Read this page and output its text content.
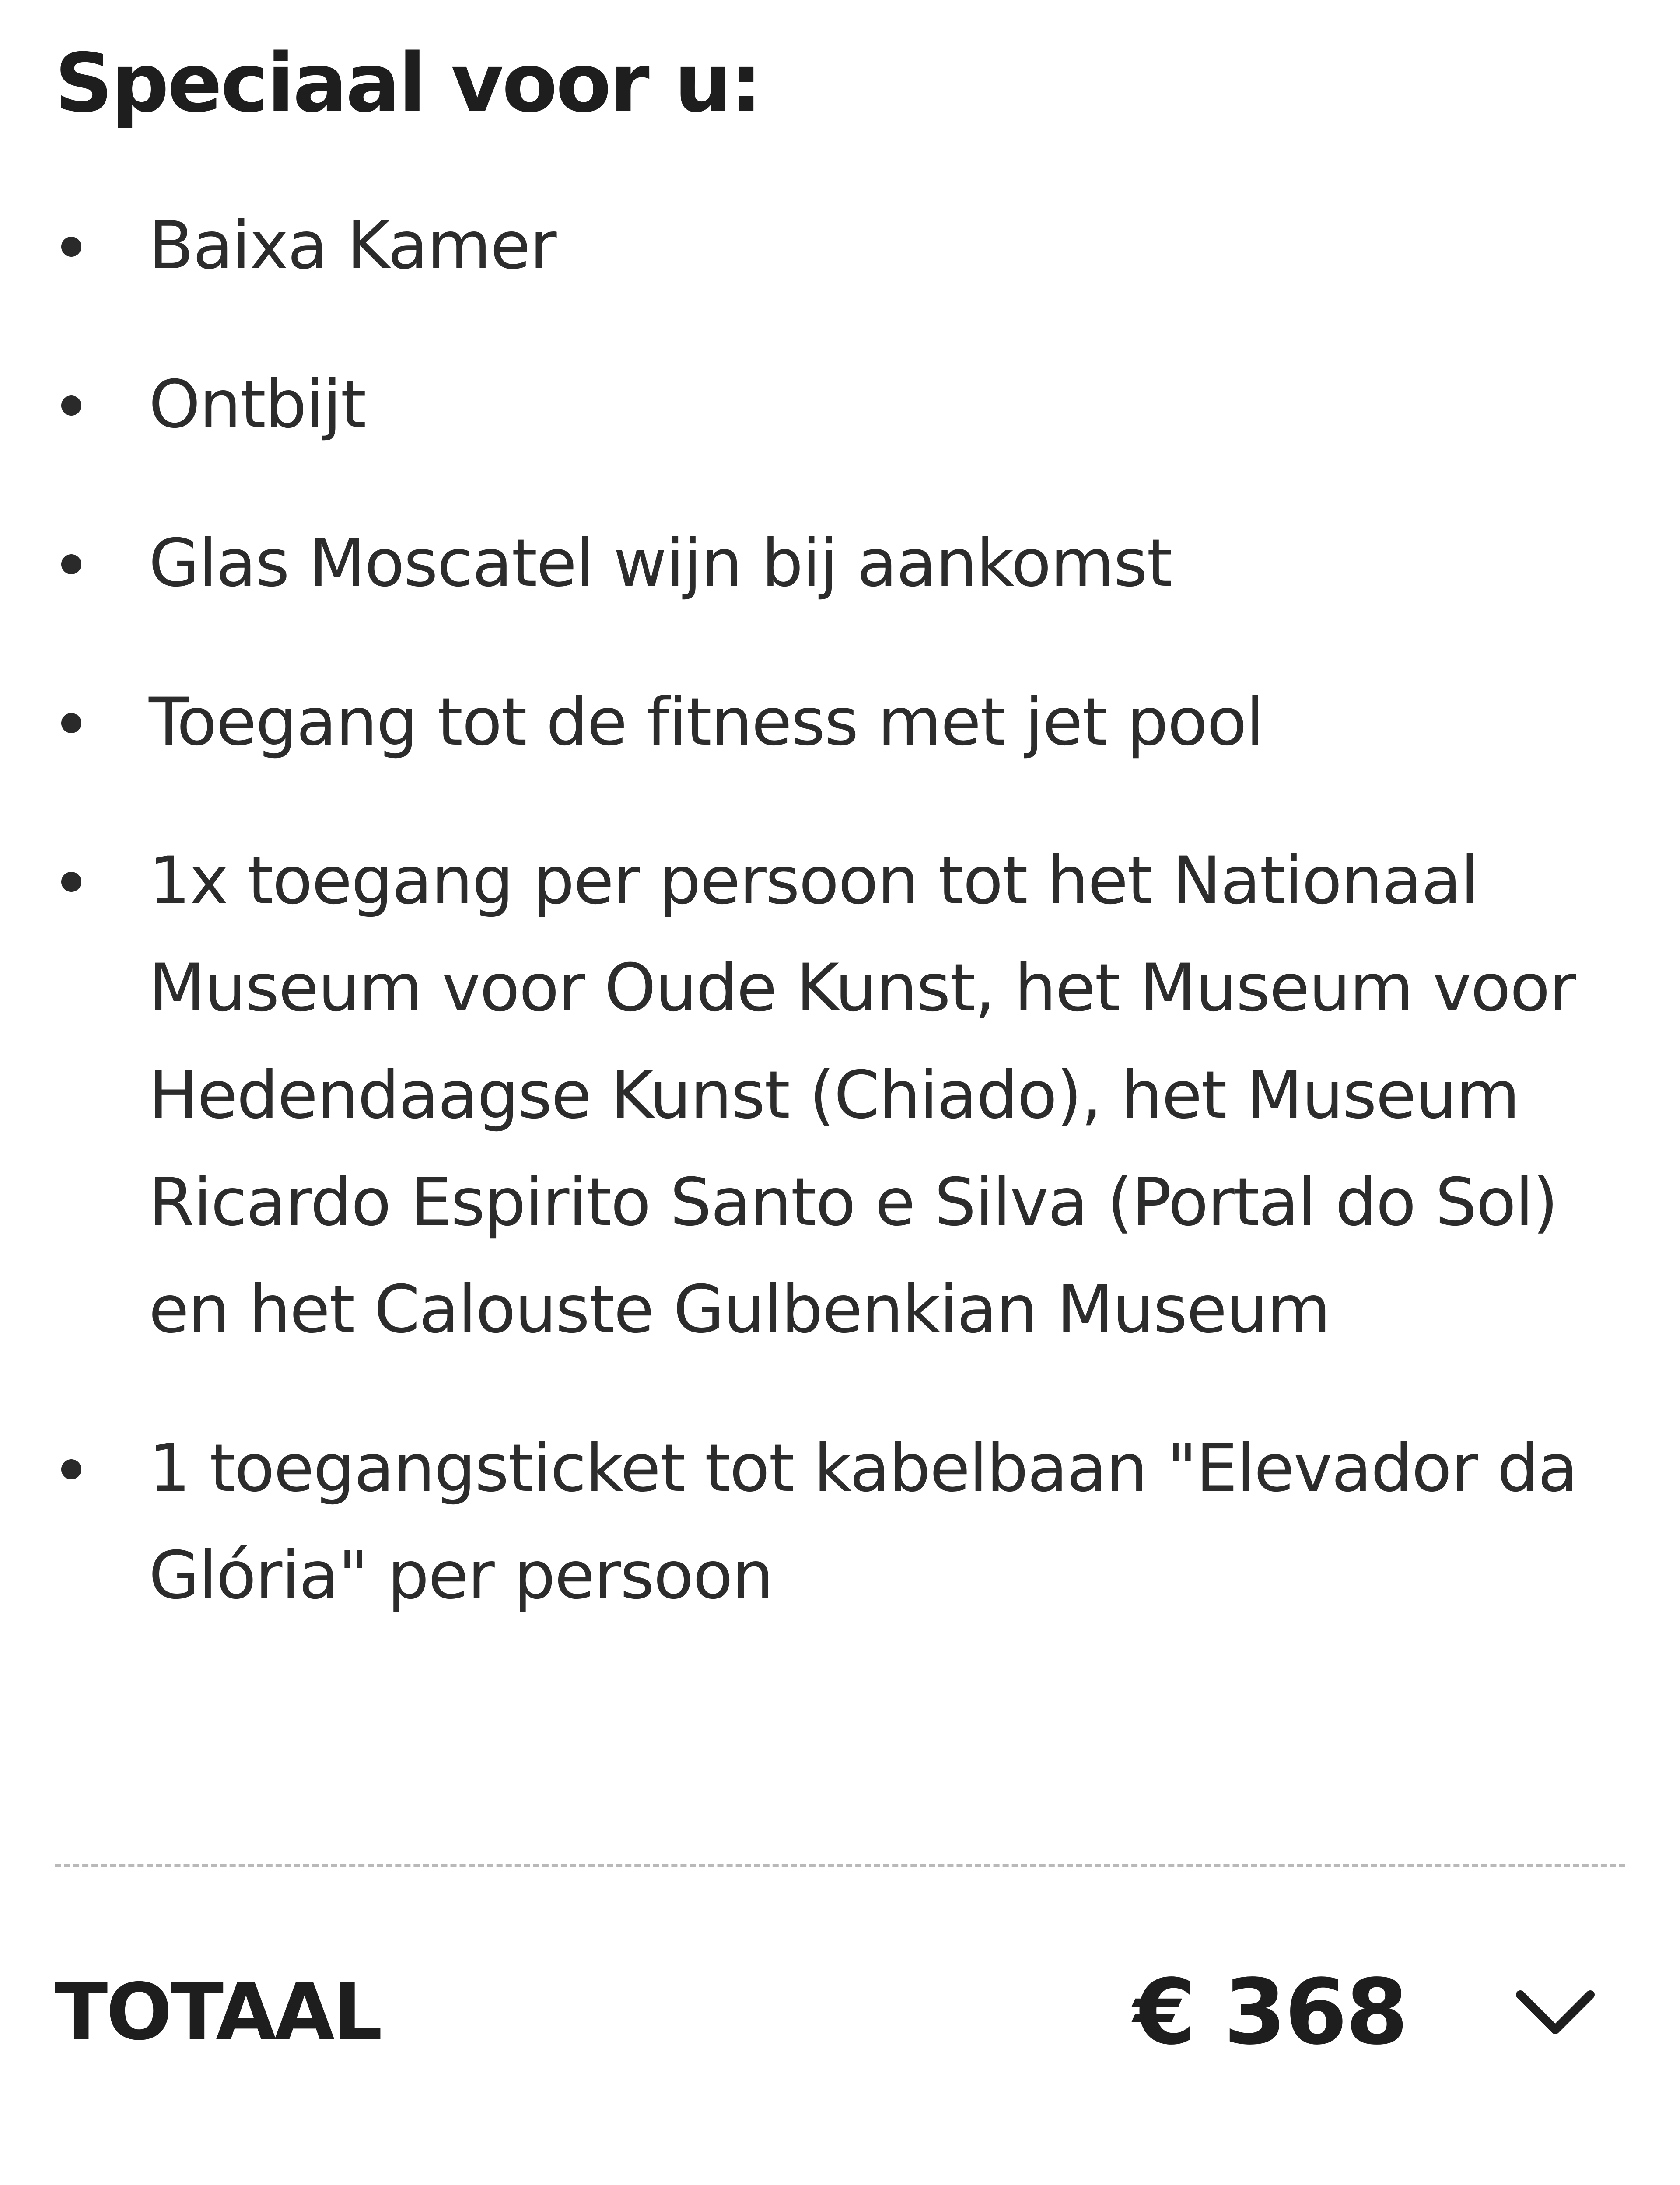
Speciaal voor u:
Baixa Kamer
Ontbijt
Glas Moscatel wijn bij aankomst
Toegang tot de fitness met jet pool
1x toegang per persoon tot het Nationaal Museum voor Oude Kunst, het Museum voor Hedendaagse Kunst (Chiado), het Museum Ricardo Espirito Santo e Silva (Portal do Sol) en het Calouste Gulbenkian Museum
1 toegangsticket tot kabelbaan "Elevador da Glória" per persoon
TOTAAL	€ 368
